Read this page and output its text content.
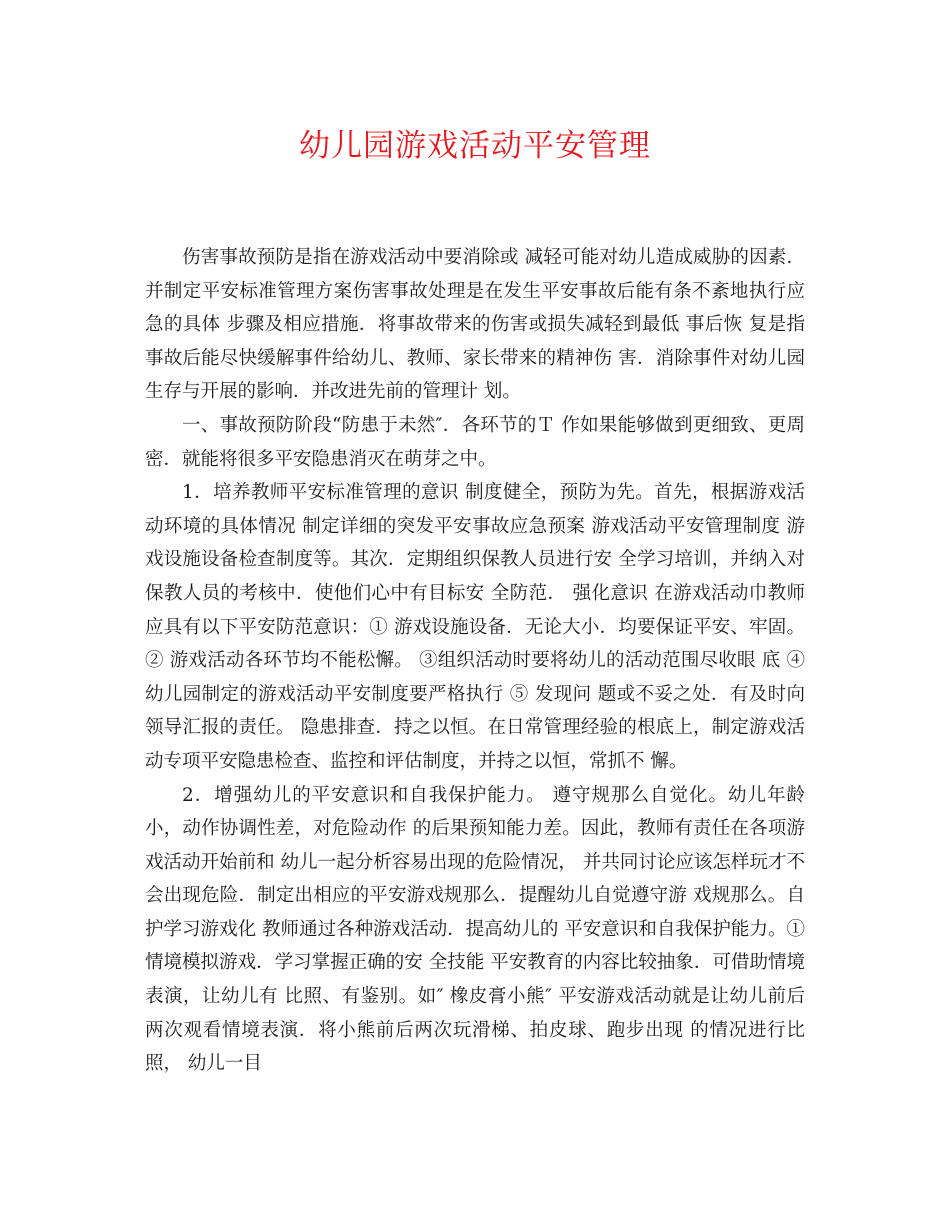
幼儿园游戏活动平安管理

伤害事故预防是指在游戏活动中要消除或 减轻可能对幼儿造成威胁的因素．并制定平安标准管理方案伤害事故处理是在发生平安事故后能有条不紊地执行应急的具体 步骤及相应措施．将事故带来的伤害或损失减轻到最低 事后恢 复是指事故后能尽快缓解事件给幼儿、教师、家长带来的精神伤 害．消除事件对幼儿园生存与开展的影响．并改进先前的管理计 划。

一、事故预防阶段“防患于未然″．各环节的Ｔ 作如果能够做到更细致、更周密．就能将很多平安隐患消灭在萌芽之中。

1．培养教师平安标准管理的意识 制度健全，预防为先。首先，根据游戏活动环境的具体情况 制定详细的突发平安事故应急预案 游戏活动平安管理制度 游戏设施设备检查制度等。其次．定期组织保教人员进行安 全学习培训，并纳入对保教人员的考核中．使他们心中有目标安 全防范． 强化意识 在游戏活动巾教师应具有以下平安防范意识：① 游戏设施设备．无论大小．均要保证平安、牢固。② 游戏活动各环节均不能松懈。 ③组织活动时要将幼儿的活动范围尽收眼 底 ④ 幼儿园制定的游戏活动平安制度要严格执行 ⑤ 发现问 题或不妥之处．有及时向领导汇报的责任。 隐患排查．持之以恒。在日常管理经验的根底上，制定游戏活动专项平安隐患检查、监控和评估制度，并持之以恒，常抓不 懈。

2．增强幼儿的平安意识和自我保护能力。 遵守规那么自觉化。幼儿年龄小，动作协调性差，对危险动作 的后果预知能力差。因此，教师有责任在各项游戏活动开始前和 幼儿一起分析容易出现的危险情况， 并共同讨论应该怎样玩才不 会出现危险．制定出相应的平安游戏规那么．提醒幼儿自觉遵守游 戏规那么。自护学习游戏化 教师通过各种游戏活动．提高幼儿的 平安意识和自我保护能力。①情境模拟游戏．学习掌握正确的安 全技能 平安教育的内容比较抽象．可借助情境表演，让幼儿有 比照、有鉴别。如″ 橡皮膏小熊″ 平安游戏活动就是让幼儿前后 两次观看情境表演．将小熊前后两次玩滑梯、拍皮球、跑步出现 的情况进行比照， 幼儿一目
